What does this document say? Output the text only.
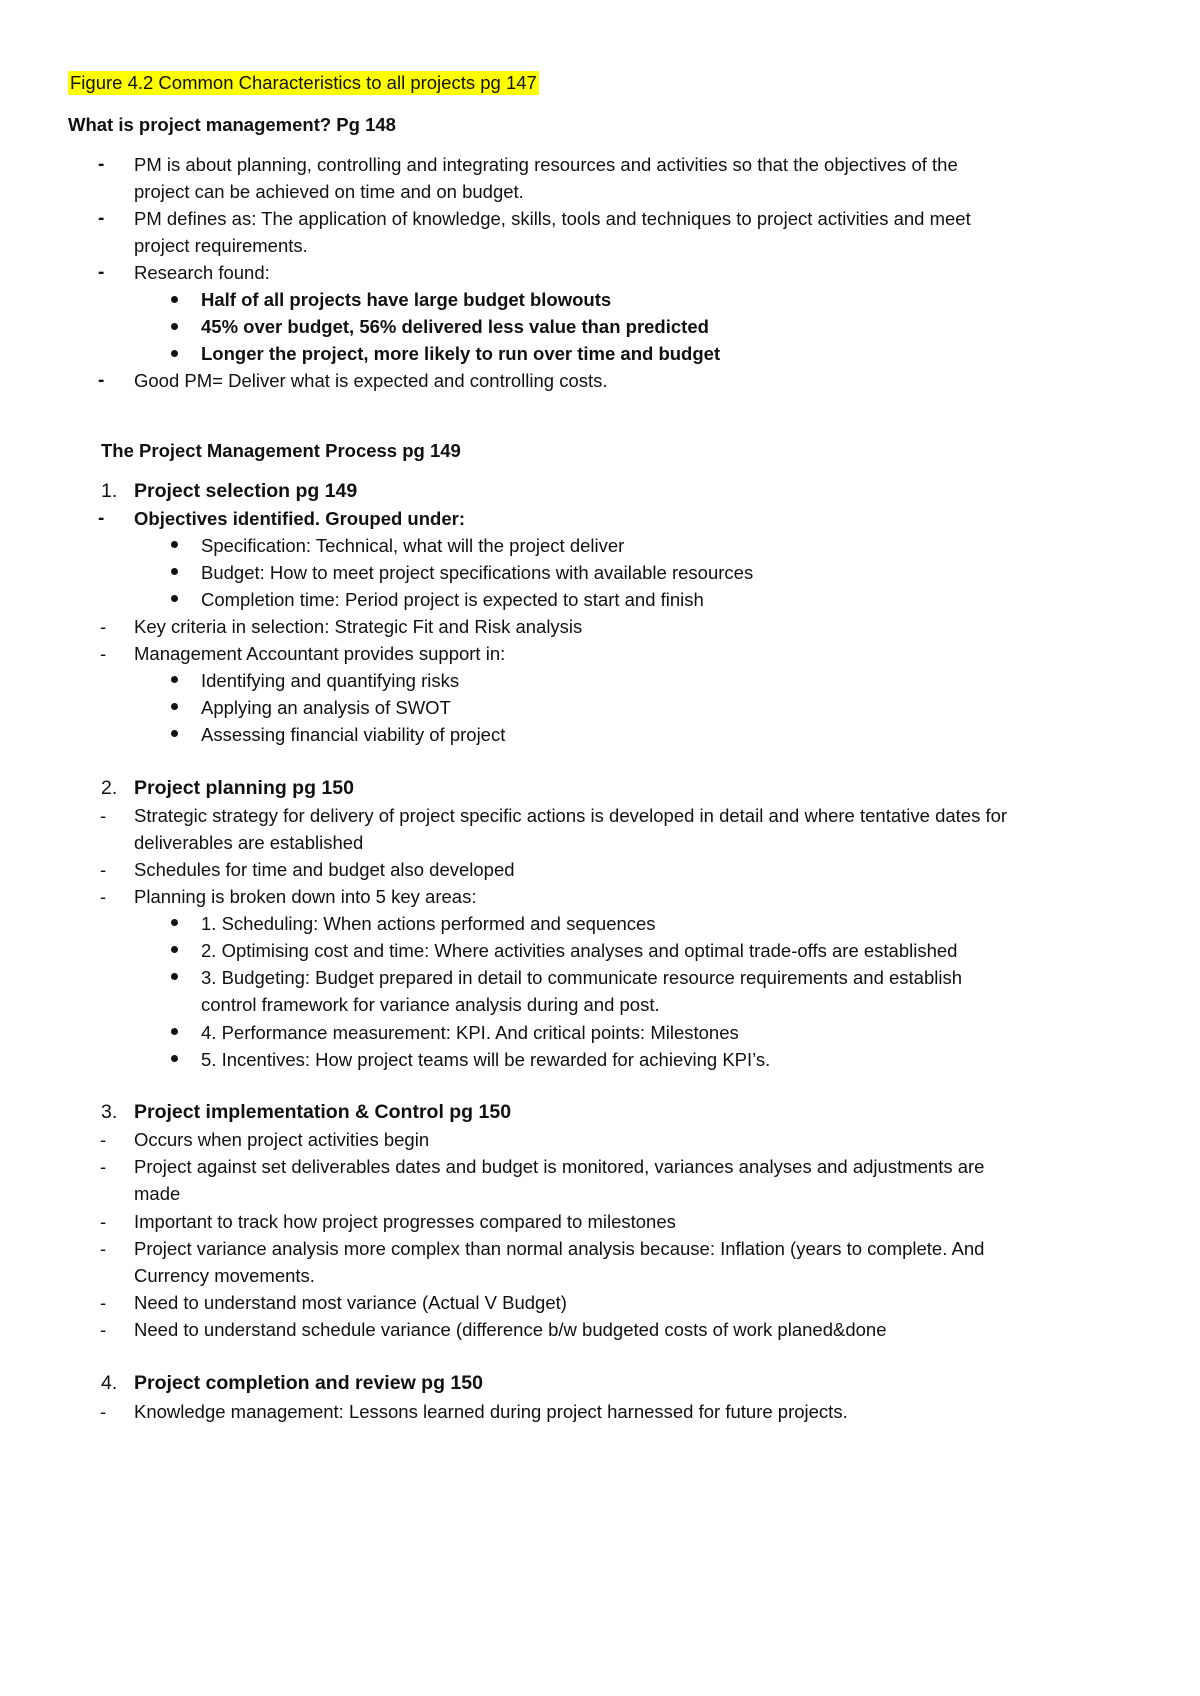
Figure 4.2 Common Characteristics to all projects pg 147
What is project management? Pg 148
- PM is about planning, controlling and integrating resources and activities so that the objectives of the
project can be achieved on time and on budget.
- PM defines as: The application of knowledge, skills, tools and techniques to project activities and meet
project requirements.
- Research found:
Half of all projects have large budget blowouts
45% over budget, 56% delivered less value than predicted
Longer the project, more likely to run over time and budget
- Good PM= Deliver what is expected and controlling costs.
The Project Management Process pg 149
1. Project selection pg 149
- Objectives identified. Grouped under:
Specification: Technical, what will the project deliver
Budget: How to meet project specifications with available resources
Completion time: Period project is expected to start and finish
- Key criteria in selection: Strategic Fit and Risk analysis
- Management Accountant provides support in:
Identifying and quantifying risks
Applying an analysis of SWOT
Assessing financial viability of project
2. Project planning pg 150
- Strategic strategy for delivery of project specific actions is developed in detail and where tentative dates for
deliverables are established
- Schedules for time and budget also developed
- Planning is broken down into 5 key areas:
1. Scheduling: When actions performed and sequences
2. Optimising cost and time: Where activities analyses and optimal trade-offs are established
3. Budgeting: Budget prepared in detail to communicate resource requirements and establish
control framework for variance analysis during and post.
4. Performance measurement: KPI. And critical points: Milestones
5. Incentives: How project teams will be rewarded for achieving KPI’s.
3. Project implementation & Control pg 150
- Occurs when project activities begin
- Project against set deliverables dates and budget is monitored, variances analyses and adjustments are
made
- Important to track how project progresses compared to milestones
- Project variance analysis more complex than normal analysis because: Inflation (years to complete. And
Currency movements.
- Need to understand most variance (Actual V Budget)
- Need to understand schedule variance (difference b/w budgeted costs of work planed&done
4. Project completion and review pg 150
- Knowledge management: Lessons learned during project harnessed for future projects.
